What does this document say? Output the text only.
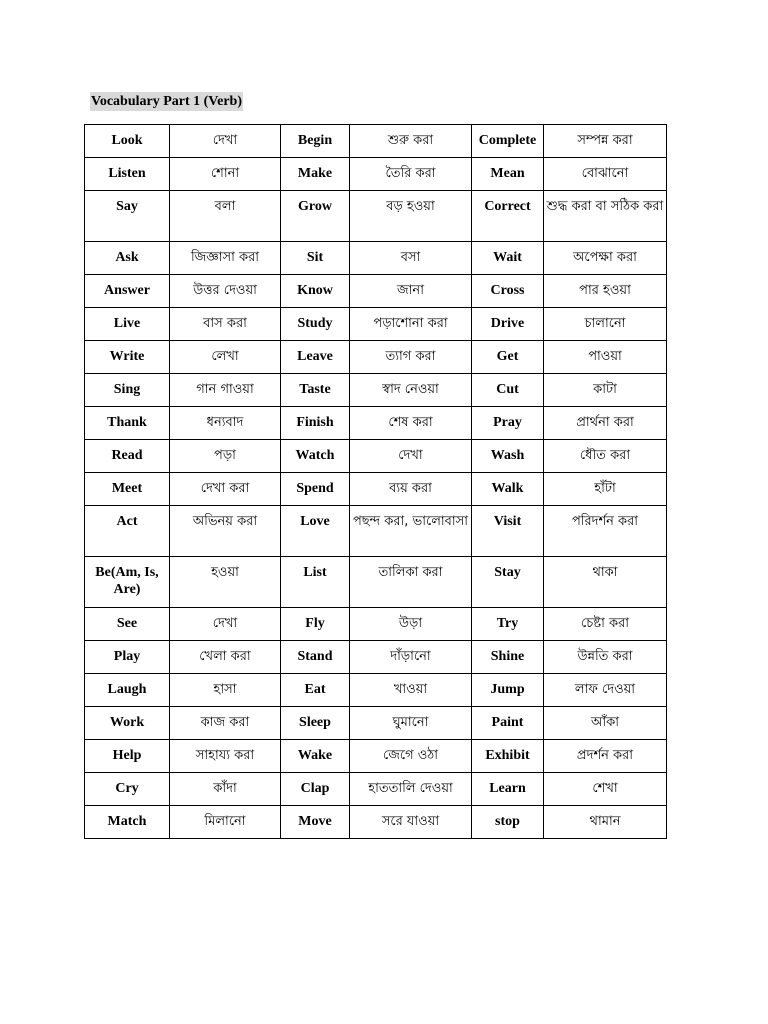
Vocabulary Part 1 (Verb)
Look	দেখা	Begin	শুরু করা	Complete	সম্পন্ন করা
Listen	শোনা	Make	তৈরি করা	Mean	বোঝানো
Say	বলা	Grow	বড় হওয়া	Correct	শুদ্ধ করা বা সঠিক করা
Ask	জিজ্ঞাসা করা	Sit	বসা	Wait	অপেক্ষা করা
Answer	উত্তর দেওয়া	Know	জানা	Cross	পার হওয়া
Live	বাস করা	Study	পড়াশোনা করা	Drive	চালানো
Write	লেখা	Leave	ত্যাগ করা	Get	পাওয়া
Sing	গান গাওয়া	Taste	স্বাদ নেওয়া	Cut	কাটা
Thank	ধন্যবাদ	Finish	শেষ করা	Pray	প্রার্থনা করা
Read	পড়া	Watch	দেখা	Wash	ধৌত করা
Meet	দেখা করা	Spend	ব্যয় করা	Walk	হাঁটা
Act	অভিনয় করা	Love	পছন্দ করা, ভালোবাসা	Visit	পরিদর্শন করা
Be(Am, Is, Are)	হওয়া	List	তালিকা করা	Stay	থাকা
See	দেখা	Fly	উড়া	Try	চেষ্টা করা
Play	খেলা করা	Stand	দাঁড়ানো	Shine	উন্নতি করা
Laugh	হাসা	Eat	খাওয়া	Jump	লাফ দেওয়া
Work	কাজ করা	Sleep	ঘুমানো	Paint	আঁকা
Help	সাহায্য করা	Wake	জেগে ওঠা	Exhibit	প্রদর্শন করা
Cry	কাঁদা	Clap	হাততালি দেওয়া	Learn	শেখা
Match	মিলানো	Move	সরে যাওয়া	stop	থামান
